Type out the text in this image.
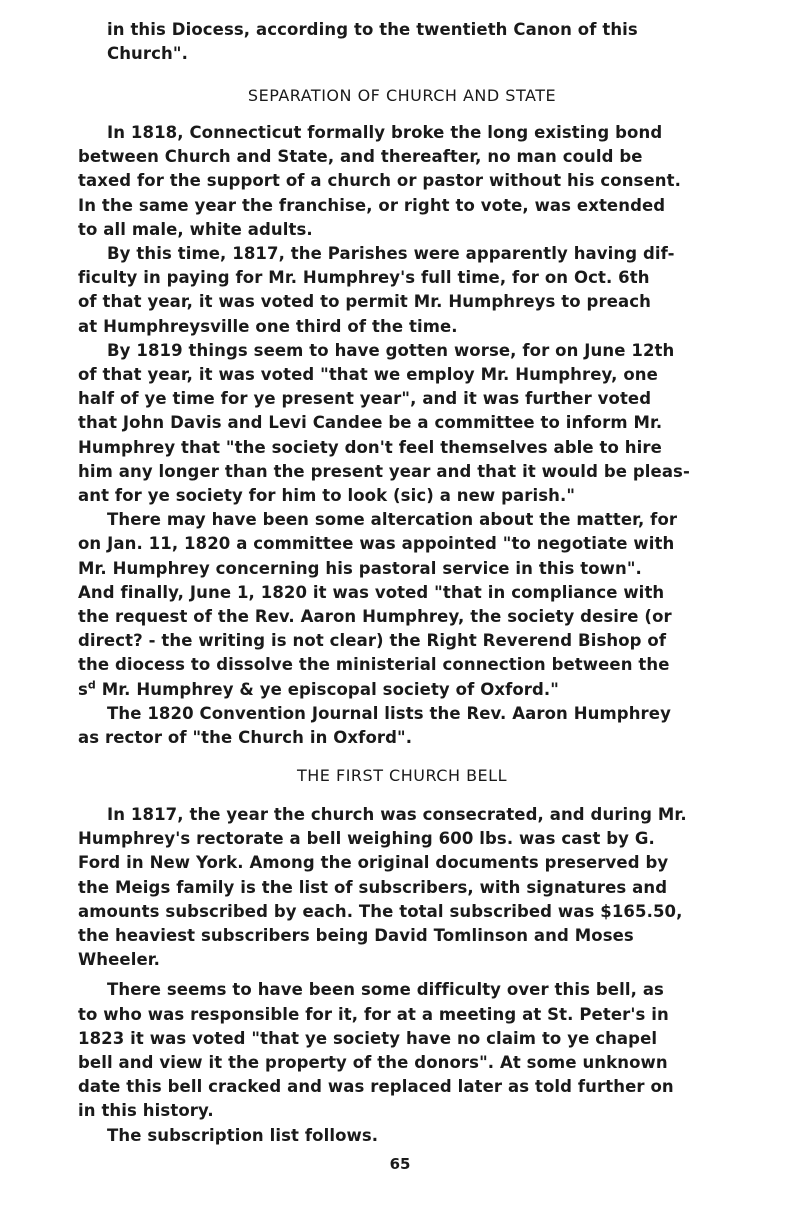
in this Diocess, according to the twentieth Canon of this
Church".
SEPARATION OF CHURCH AND STATE
In 1818, Connecticut formally broke the long existing bond
between Church and State, and thereafter, no man could be
taxed for the support of a church or pastor without his consent.
In the same year the franchise, or right to vote, was extended
to all male, white adults.
By this time, 1817, the Parishes were apparently having dif-
ficulty in paying for Mr. Humphrey's full time, for on Oct. 6th
of that year, it was voted to permit Mr. Humphreys to preach
at Humphreysville one third of the time.
By 1819 things seem to have gotten worse, for on June 12th
of that year, it was voted "that we employ Mr. Humphrey, one
half of ye time for ye present year", and it was further voted
that John Davis and Levi Candee be a committee to inform Mr.
Humphrey that "the society don't feel themselves able to hire
him any longer than the present year and that it would be pleas-
ant for ye society for him to look (sic) a new parish."
There may have been some altercation about the matter, for
on Jan. 11, 1820 a committee was appointed "to negotiate with
Mr. Humphrey concerning his pastoral service in this town".
And finally, June 1, 1820 it was voted "that in compliance with
the request of the Rev. Aaron Humphrey, the society desire (or
direct? - the writing is not clear) the Right Reverend Bishop of
the diocess to dissolve the ministerial connection between the
$s^d$ Mr. Humphrey & ye episcopal society of Oxford."
The 1820 Convention Journal lists the Rev. Aaron Humphrey
as rector of "the Church in Oxford".
THE FIRST CHURCH BELL
In 1817, the year the church was consecrated, and during Mr.
Humphrey's rectorate a bell weighing 600 lbs. was cast by G.
Ford in New York. Among the original documents preserved by
the Meigs family is the list of subscribers, with signatures and
amounts subscribed by each. The total subscribed was $165.50,
the heaviest subscribers being David Tomlinson and Moses
Wheeler.
There seems to have been some difficulty over this bell, as
to who was responsible for it, for at a meeting at St. Peter's in
1823 it was voted "that ye society have no claim to ye chapel
bell and view it the property of the donors". At some unknown
date this bell cracked and was replaced later as told further on
in this history.
The subscription list follows.
65
